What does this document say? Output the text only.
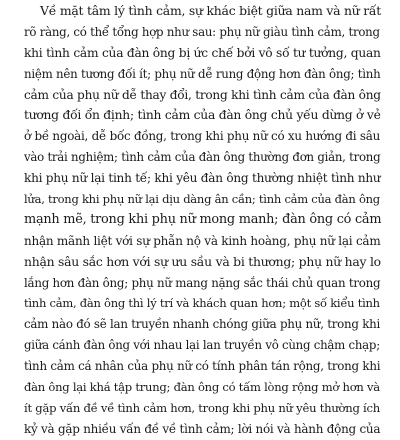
Về mặt tâm lý tình cảm, sự khác biệt giữa nam và nữ rất
rõ ràng, có thể tổng hợp như sau: phụ nữ giàu tình cảm, trong
khi tình cảm của đàn ông bị ức chế bởi vô số tư tưởng, quan
niệm nên tương đối ít; phụ nữ dễ rung động hơn đàn ông; tình
cảm của phụ nữ dễ thay đổi, trong khi tình cảm của đàn ông
tương đối ổn định; tình cảm của đàn ông chủ yếu dừng ở vẻ
ở bề ngoài, dễ bốc đồng, trong khi phụ nữ có xu hướng đi sâu
vào trải nghiệm; tình cảm của đàn ông thường đơn giản, trong
khi phụ nữ lại tinh tế; khi yêu đàn ông thường nhiệt tình như
lửa, trong khi phụ nữ lại dịu dàng ân cần; tình cảm của đàn ông
mạnh mẽ, trong khi phụ nữ mong manh; đàn ông có cảm
nhận mãnh liệt với sự phẫn nộ và kinh hoàng, phụ nữ lại cảm
nhận sâu sắc hơn với sự ưu sầu và bi thương; phụ nữ hay lo
lắng hơn đàn ông; phụ nữ mang nặng sắc thái chủ quan trong
tình cảm, đàn ông thì lý trí và khách quan hơn; một số kiểu tình
cảm nào đó sẽ lan truyền nhanh chóng giữa phụ nữ, trong khi
giữa cánh đàn ông với nhau lại lan truyền vô cùng chậm chạp;
tình cảm cá nhân của phụ nữ có tính phân tán rộng, trong khi
đàn ông lại khá tập trung; đàn ông có tấm lòng rộng mở hơn và
ít gặp vấn đề về tình cảm hơn, trong khi phụ nữ yêu thường ích
kỷ và gặp nhiều vấn đề về tình cảm; lời nói và hành động của
